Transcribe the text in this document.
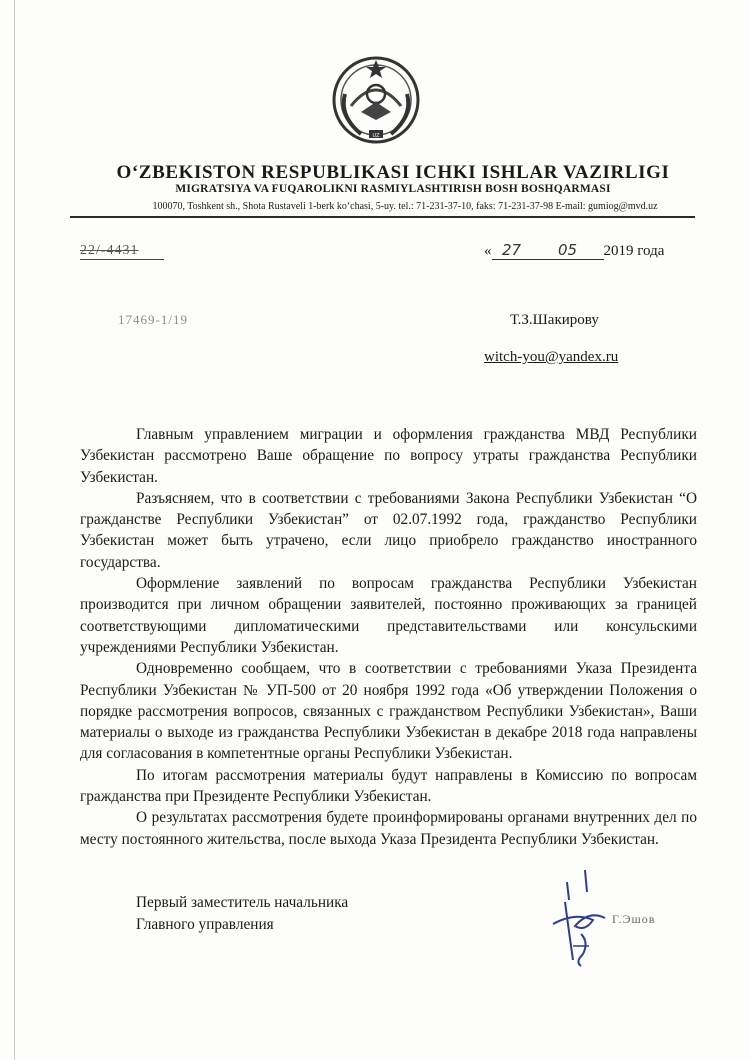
UZ
O‘ZBEKISTON RESPUBLIKASI ICHKI ISHLAR VAZIRLIGI
MIGRATSIYA VA FUQAROLIKNI RASMIYLASHTIRISH BOSH BOSHQARMASI
100070, Toshkent sh., Shota Rustaveli 1-berk ko‘chasi, 5-uy. tel.: 71-231-37-10, faks: 71-231-37-98 E-mail: gumiog@mvd.uz
22/-4431	« 27 05 2019 года
17469-1/19	Т.З.Шакирову
witch-you@yandex.ru

Главным управлением миграции и оформления гражданства МВД Республики Узбекистан рассмотрено Ваше обращение по вопросу утраты гражданства Республики Узбекистан.

Разъясняем, что в соответствии с требованиями Закона Республики Узбекистан “О гражданстве Республики Узбекистан” от 02.07.1992 года, гражданство Республики Узбекистан может быть утрачено, если лицо приобрело гражданство иностранного государства.

Оформление заявлений по вопросам гражданства Республики Узбекистан производится при личном обращении заявителей, постоянно проживающих за границей соответствующими дипломатическими представительствами или консульскими учреждениями Республики Узбекистан.

Одновременно сообщаем, что в соответствии с требованиями Указа Президента Республики Узбекистан № УП-500 от 20 ноября 1992 года «Об утверждении Положения о порядке рассмотрения вопросов, связанных с гражданством Республики Узбекистан», Ваши материалы о выходе из гражданства Республики Узбекистан в декабре 2018 года направлены для согласования в компетентные органы Республики Узбекистан.

По итогам рассмотрения материалы будут направлены в Комиссию по вопросам гражданства при Президенте Республики Узбекистан.

О результатах рассмотрения будете проинформированы органами внутренних дел по месту постоянного жительства, после выхода Указа Президента Республики Узбекистан.

Первый заместитель начальника
Главного управления	Г.Эшов
